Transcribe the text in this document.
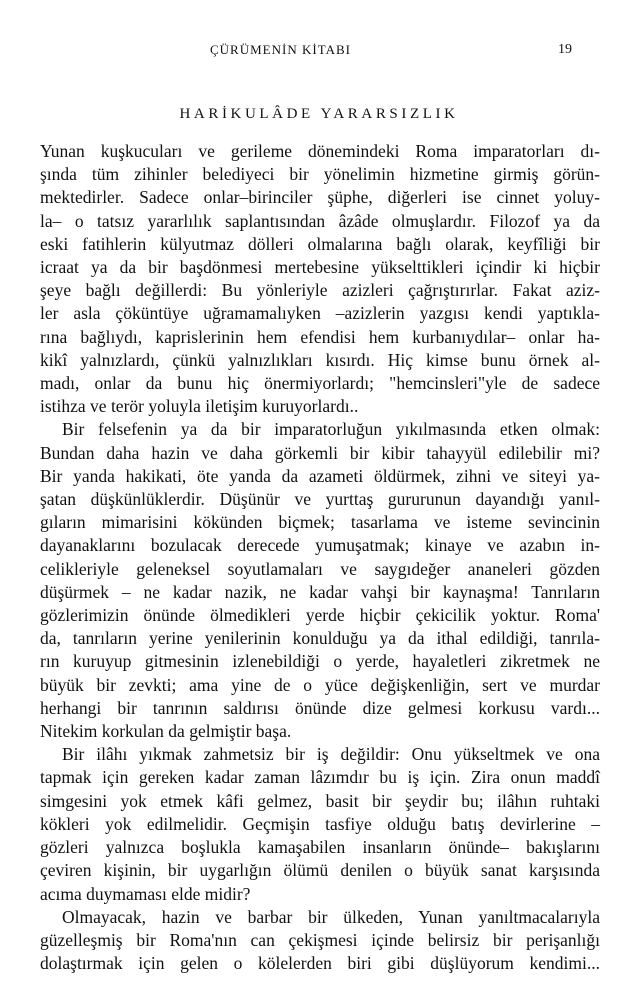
ÇÜRÜMENİN KİTABI	19
HARİKULÂDE YARARSIZLIK

Yunan kuşkucuları ve gerileme dönemindeki Roma imparatorları dı-

şında tüm zihinler belediyeci bir yönelimin hizmetine girmiş görün-

mektedirler. Sadece onlar–birinciler şüphe, diğerleri ise cinnet yoluy-

la– o tatsız yararlılık saplantısından âzâde olmuşlardır. Filozof ya da

eski fatihlerin külyutmaz dölleri olmalarına bağlı olarak, keyfîliği bir

icraat ya da bir başdönmesi mertebesine yükselttikleri içindir ki hiçbir

şeye bağlı değillerdi: Bu yönleriyle azizleri çağrıştırırlar. Fakat aziz-

ler asla çöküntüye uğramamalıyken –azizlerin yazgısı kendi yaptıkla-

rına bağlıydı, kaprislerinin hem efendisi hem kurbanıydılar– onlar ha-

kikî yalnızlardı, çünkü yalnızlıkları kısırdı. Hiç kimse bunu örnek al-

madı, onlar da bunu hiç önermiyorlardı; "hemcinsleri"yle de sadece

istihza ve terör yoluyla iletişim kuruyorlardı..

Bir felsefenin ya da bir imparatorluğun yıkılmasında etken olmak:

Bundan daha hazin ve daha görkemli bir kibir tahayyül edilebilir mi?

Bir yanda hakikati, öte yanda da azameti öldürmek, zihni ve siteyi ya-

şatan düşkünlüklerdir. Düşünür ve yurttaş gururunun dayandığı yanıl-

gıların mimarisini kökünden biçmek; tasarlama ve isteme sevincinin

dayanaklarını bozulacak derecede yumuşatmak; kinaye ve azabın in-

celikleriyle geleneksel soyutlamaları ve saygıdeğer ananeleri gözden

düşürmek – ne kadar nazik, ne kadar vahşi bir kaynaşma! Tanrıların

gözlerimizin önünde ölmedikleri yerde hiçbir çekicilik yoktur. Roma'

da, tanrıların yerine yenilerinin konulduğu ya da ithal edildiği, tanrıla-

rın kuruyup gitmesinin izlenebildiği o yerde, hayaletleri zikretmek ne

büyük bir zevkti; ama yine de o yüce değişkenliğin, sert ve murdar

herhangi bir tanrının saldırısı önünde dize gelmesi korkusu vardı...

Nitekim korkulan da gelmiştir başa.

Bir ilâhı yıkmak zahmetsiz bir iş değildir: Onu yükseltmek ve ona

tapmak için gereken kadar zaman lâzımdır bu iş için. Zira onun maddî

simgesini yok etmek kâfi gelmez, basit bir şeydir bu; ilâhın ruhtaki

kökleri yok edilmelidir. Geçmişin tasfiye olduğu batış devirlerine –

gözleri yalnızca boşlukla kamaşabilen insanların önünde– bakışlarını

çeviren kişinin, bir uygarlığın ölümü denilen o büyük sanat karşısında

acıma duymaması elde midir?

Olmayacak, hazin ve barbar bir ülkeden, Yunan yanıltmacalarıyla

güzelleşmiş bir Roma'nın can çekişmesi içinde belirsiz bir perişanlığı

dolaştırmak için gelen o kölelerden biri gibi düşlüyorum kendimi...
